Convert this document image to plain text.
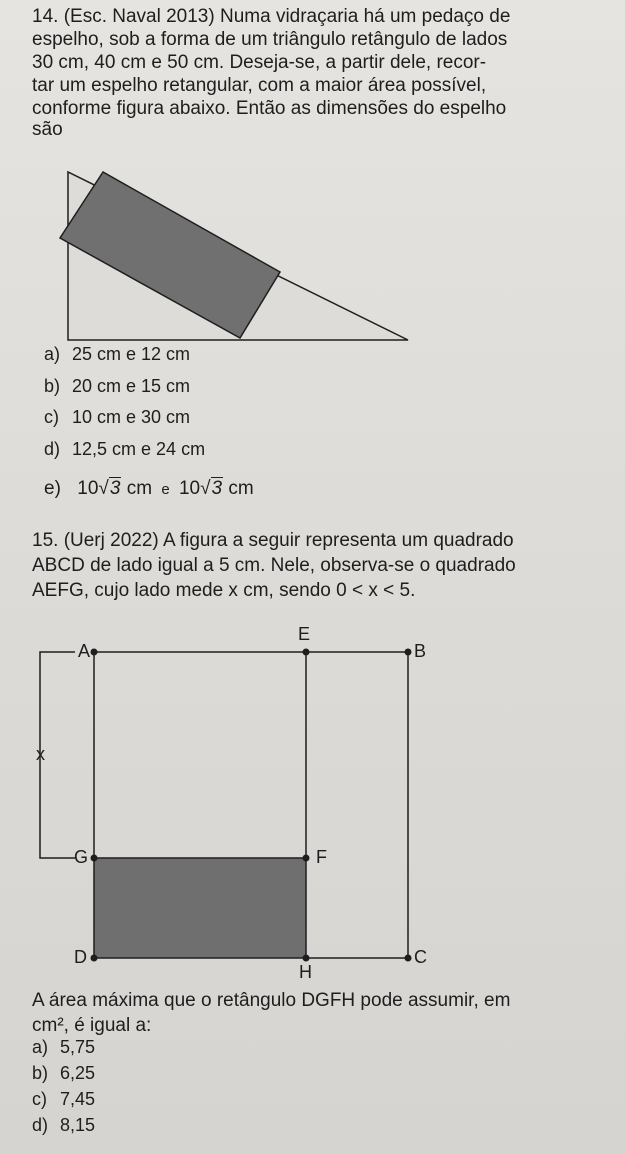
14. (Esc. Naval 2013) Numa vidraçaria há um pedaço de

espelho, sob a forma de um triângulo retângulo de lados

30 cm, 40 cm e 50 cm. Deseja-se, a partir dele, recor-

tar um espelho retangular, com a maior área possível,

conforme figura abaixo. Então as dimensões do espelho

são

a) 25 cm e 12 cm
b) 20 cm e 15 cm
c) 10 cm e 30 cm
d) 12,5 cm e 24 cm
e) 10√3 cm e 10√3 cm

15. (Uerj 2022) A figura a seguir representa um quadrado

ABCD de lado igual a 5 cm. Nele, observa-se o quadrado

AEFG, cujo lado mede x cm, sendo 0 < x < 5.

A
E
B
x
G	F
D	C
H

A área máxima que o retângulo DGFH pode assumir, em

cm², é igual a:

a) 5,75
b) 6,25
c) 7,45
d) 8,15
